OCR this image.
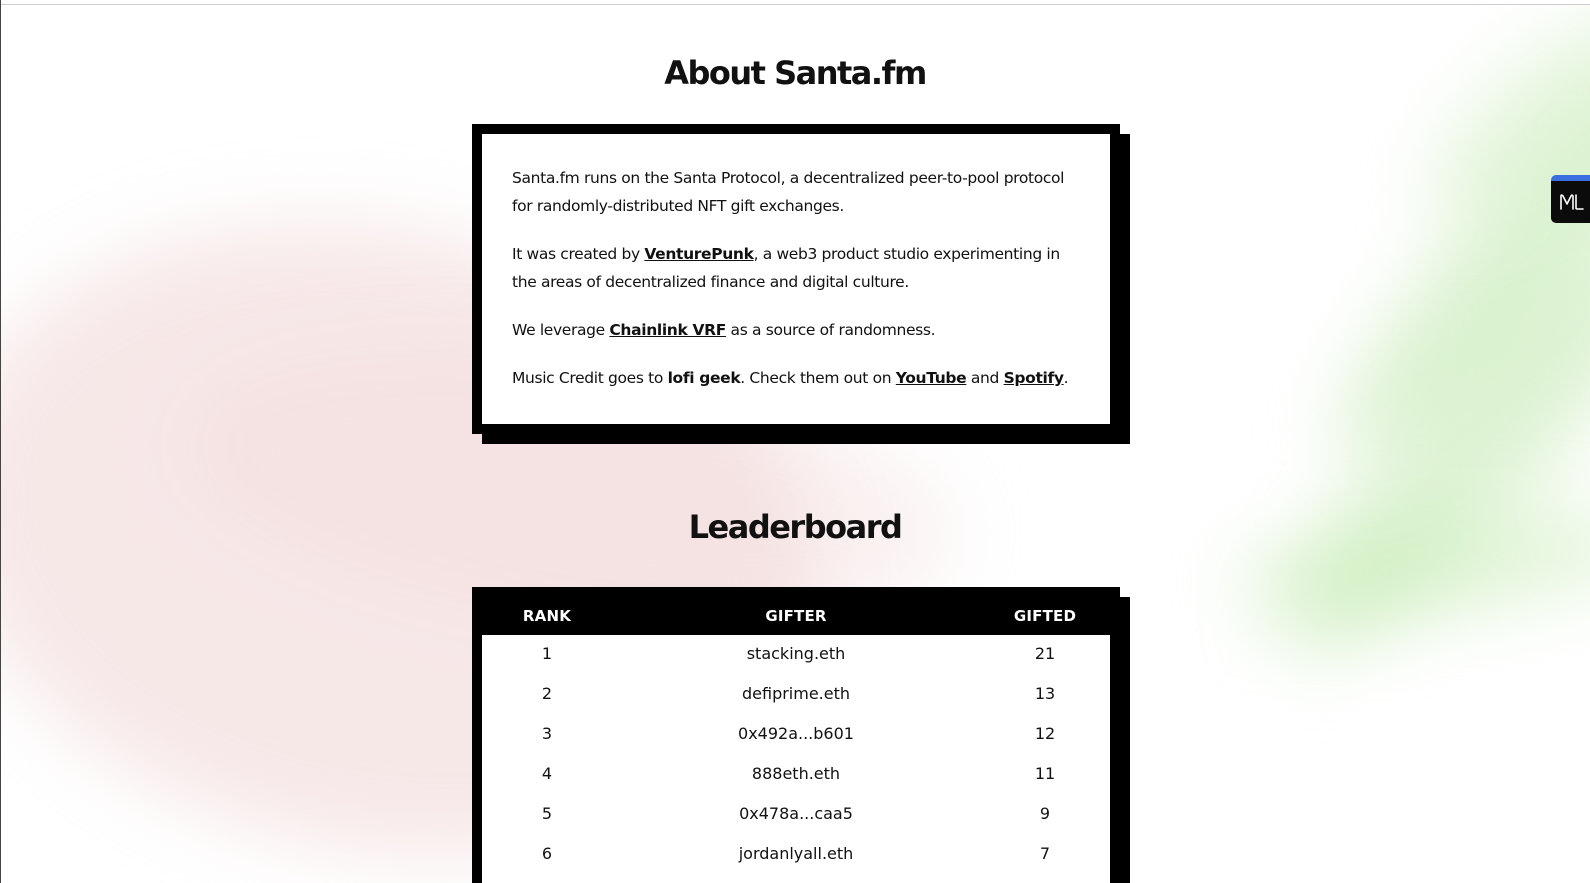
About Santa.fm

Santa.fm runs on the Santa Protocol, a decentralized peer-to-pool protocol for randomly-distributed NFT gift exchanges.

It was created by VenturePunk, a web3 product studio experimenting in the areas of decentralized finance and digital culture.

We leverage Chainlink VRF as a source of randomness.

Music Credit goes to lofi geek. Check them out on YouTube and Spotify.

Leaderboard
RANK	GIFTER	GIFTED
1	stacking.eth	21
2	defiprime.eth	13
3	0x492a...b601	12
4	888eth.eth	11
5	0x478a...caa5	9
6	jordanlyall.eth	7
